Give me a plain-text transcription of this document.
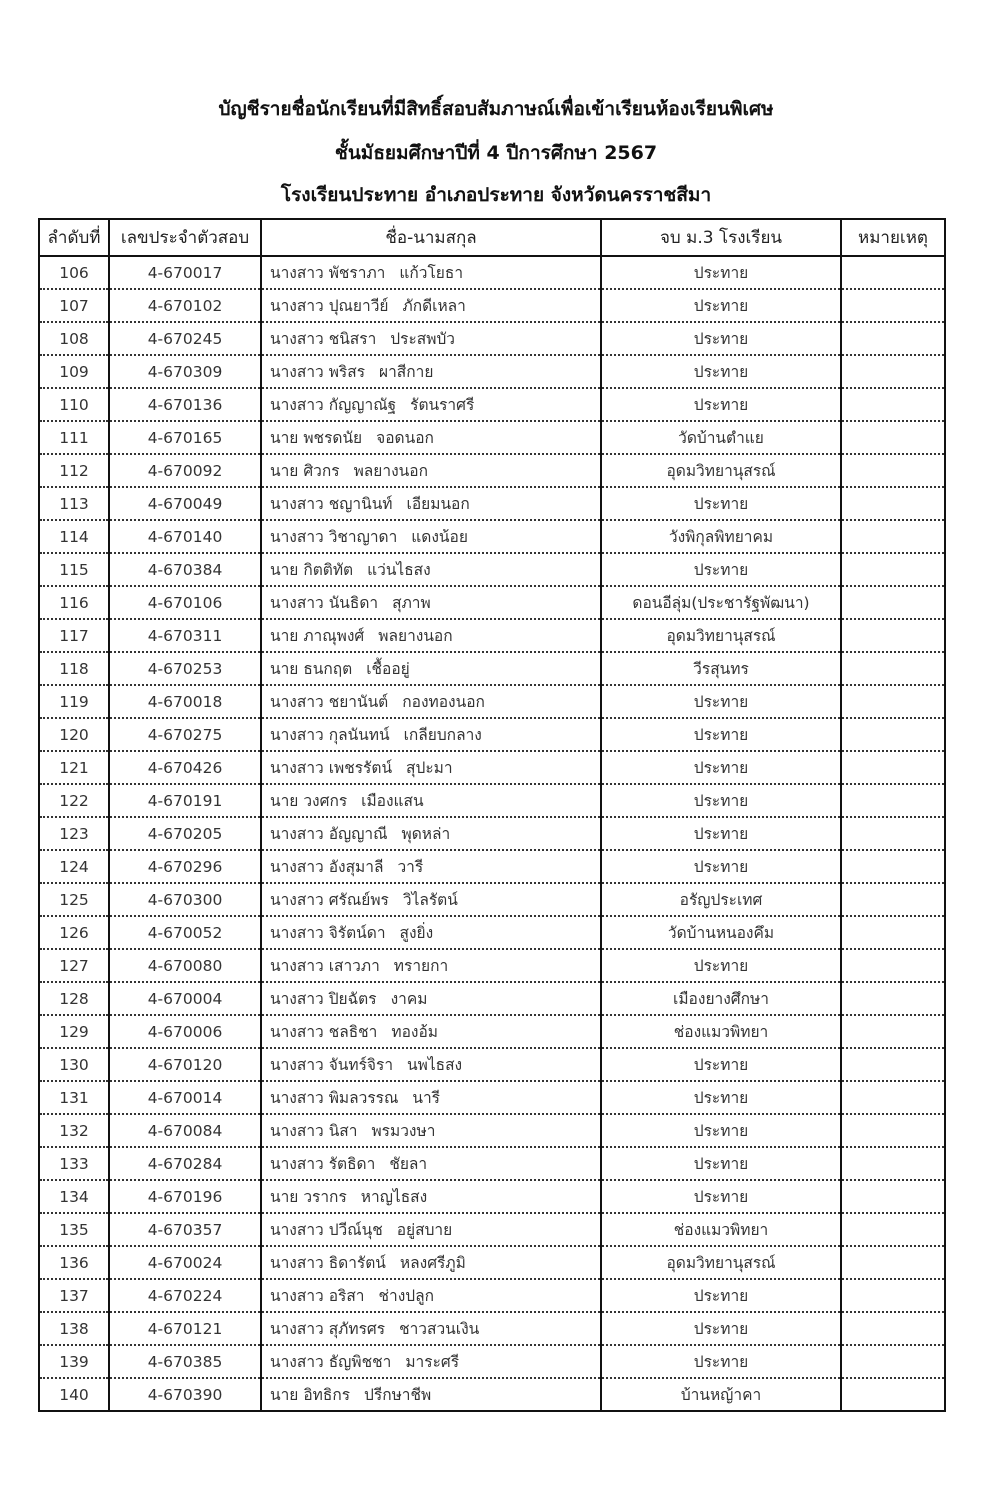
บัญชีรายชื่อนักเรียนที่มีสิทธิ์สอบสัมภาษณ์เพื่อเข้าเรียนห้องเรียนพิเศษ
ชั้นมัธยมศึกษาปีที่ 4 ปีการศึกษา 2567
โรงเรียนประทาย อำเภอประทาย จังหวัดนครราชสีมา
ลำดับที่	เลขประจำตัวสอบ	ชื่อ-นามสกุล	จบ ม.3 โรงเรียน	หมายเหตุ
106	4-670017	นางสาว พัชราภา แก้วโยธา	ประทาย	
107	4-670102	นางสาว ปุณยาวีย์ ภักดีเหลา	ประทาย	
108	4-670245	นางสาว ชนิสรา ประสพบัว	ประทาย	
109	4-670309	นางสาว พริสร ผาสีกาย	ประทาย	
110	4-670136	นางสาว กัญญาณัฐ รัตนราศรี	ประทาย	
111	4-670165	นาย พชรดนัย จอดนอก	วัดบ้านตำแย	
112	4-670092	นาย ศิวกร พลยางนอก	อุดมวิทยานุสรณ์	
113	4-670049	นางสาว ชญานินท์ เอียมนอก	ประทาย	
114	4-670140	นางสาว วิชาญาดา แดงน้อย	วังพิกุลพิทยาคม	
115	4-670384	นาย กิตติทัต แว่นไธสง	ประทาย	
116	4-670106	นางสาว นันธิดา สุภาพ	ดอนอีลุ่ม(ประชารัฐพัฒนา)	
117	4-670311	นาย ภาณุพงศ์ พลยางนอก	อุดมวิทยานุสรณ์	
118	4-670253	นาย ธนกฤต เชื้ออยู่	วีรสุนทร	
119	4-670018	นางสาว ชยานันต์ กองทองนอก	ประทาย	
120	4-670275	นางสาว กุลนันทน์ เกลียบกลาง	ประทาย	
121	4-670426	นางสาว เพชรรัตน์ สุปะมา	ประทาย	
122	4-670191	นาย วงศกร เมืองแสน	ประทาย	
123	4-670205	นางสาว อัญญาณี พุดหล่า	ประทาย	
124	4-670296	นางสาว อังสุมาลี วารี	ประทาย	
125	4-670300	นางสาว ศรัณย์พร วิไลรัตน์	อรัญประเทศ	
126	4-670052	นางสาว จิรัตน์ดา สูงยิ่ง	วัดบ้านหนองคึม	
127	4-670080	นางสาว เสาวภา ทรายกา	ประทาย	
128	4-670004	นางสาว ปิยฉัตร งาคม	เมืองยางศึกษา	
129	4-670006	นางสาว ชลธิชา ทองอ้ม	ช่องแมวพิทยา	
130	4-670120	นางสาว จันทร์จิรา นพไธสง	ประทาย	
131	4-670014	นางสาว พิมลวรรณ นารี	ประทาย	
132	4-670084	นางสาว นิสา พรมวงษา	ประทาย	
133	4-670284	นางสาว รัตธิดา ชัยลา	ประทาย	
134	4-670196	นาย วรากร หาญไธสง	ประทาย	
135	4-670357	นางสาว ปวีณ์นุช อยู่สบาย	ช่องแมวพิทยา	
136	4-670024	นางสาว ธิดารัตน์ หลงศรีภูมิ	อุดมวิทยานุสรณ์	
137	4-670224	นางสาว อริสา ช่างปลูก	ประทาย	
138	4-670121	นางสาว สุภัทรศร ชาวสวนเงิน	ประทาย	
139	4-670385	นางสาว ธัญพิชชา มาระศรี	ประทาย	
140	4-670390	นาย อิทธิกร ปรีกษาชีพ	บ้านหญ้าคา	
